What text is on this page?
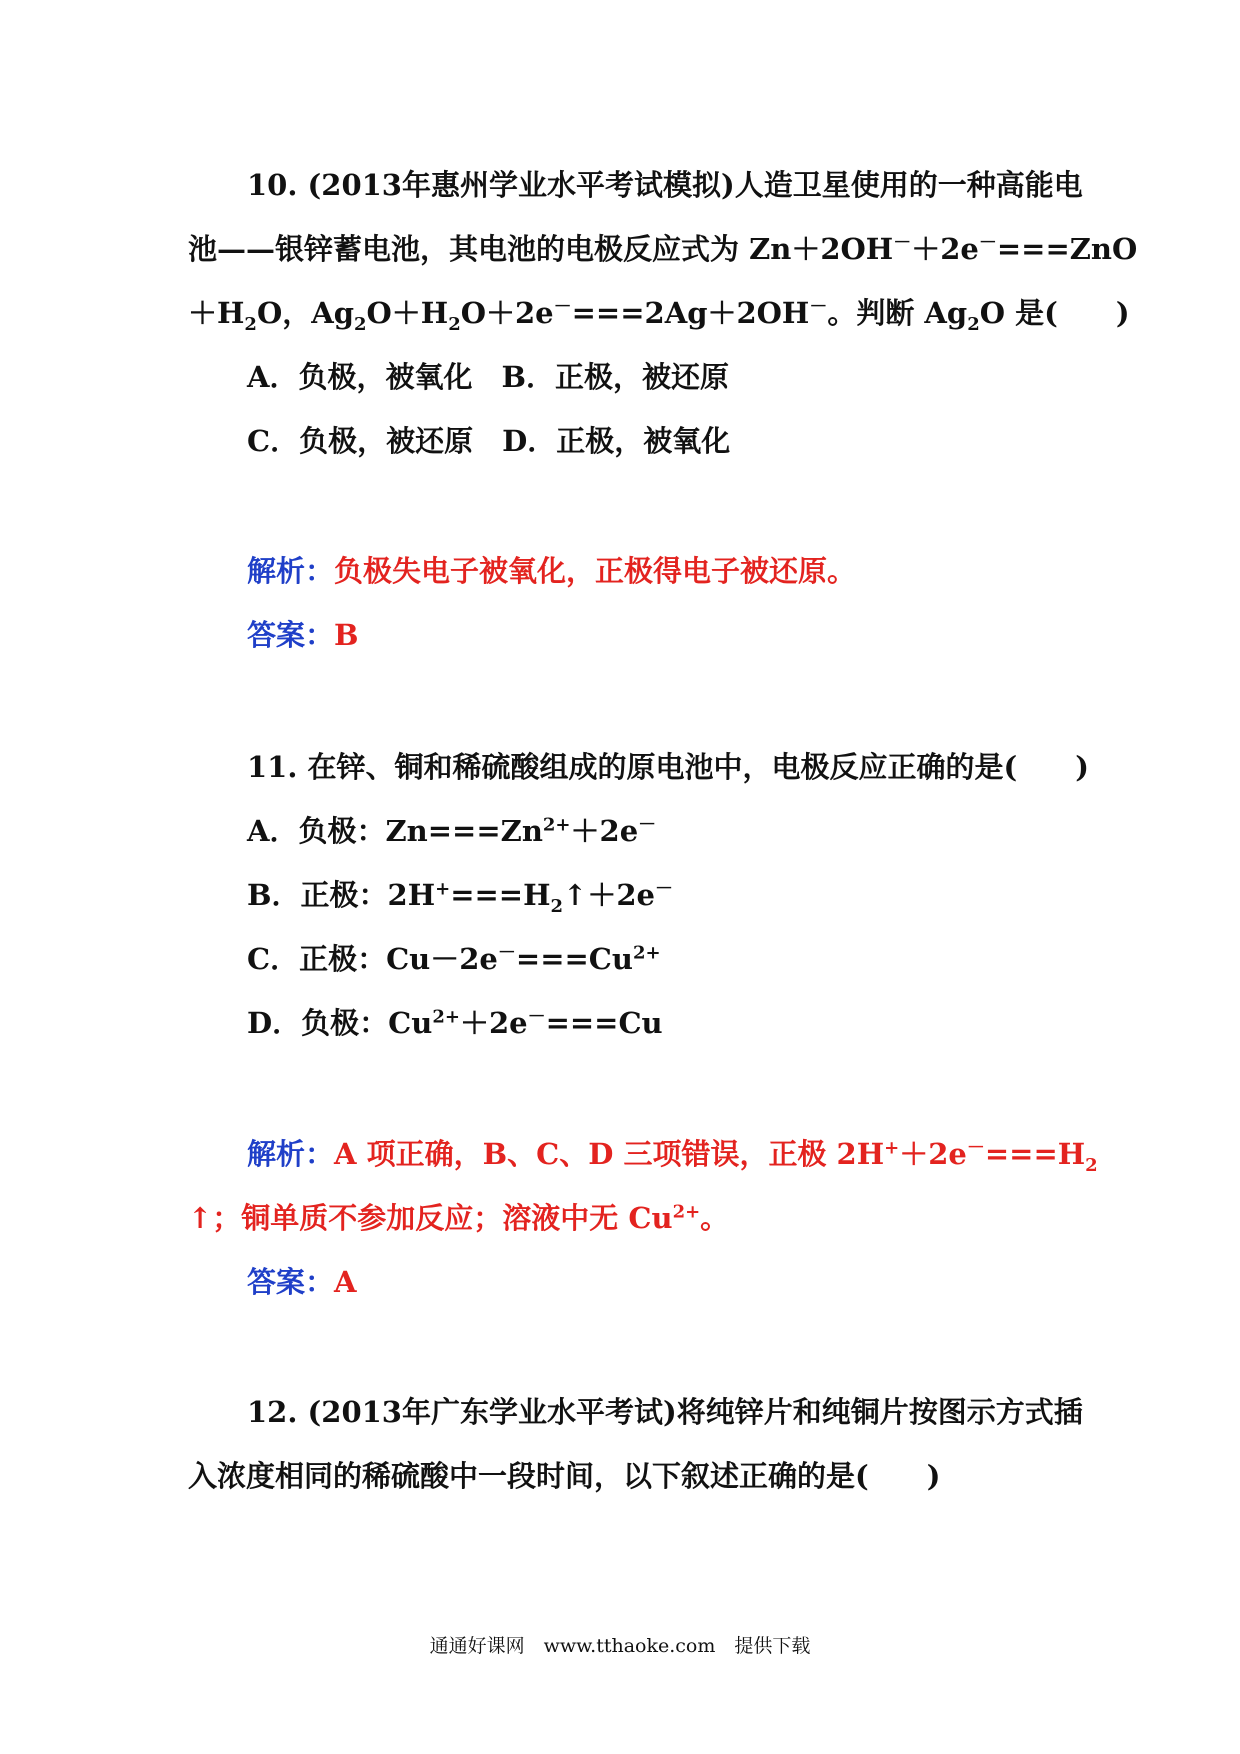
10. (2013年惠州学业水平考试模拟)人造卫星使用的一种高能电
池——银锌蓄电池，其电池的电极反应式为 Zn＋2OH－＋2e－===ZnO
$+H_2O$，$Ag_2O+H_2O+2e^-===2Ag+2OH^-$。判断 $Ag_2O$ 是(　　)
A．负极，被氧化　B．正极，被还原
C．负极，被还原　D．正极，被氧化
解析：负极失电子被氧化，正极得电子被还原。
答案：B
11. 在锌、铜和稀硫酸组成的原电池中，电极反应正确的是(　　)
A．负极：$Zn===Zn^{2+}+2e^-$
B．正极：$2H^+===H_2↑+2e^-$
C．正极：$Cu-2e^-===Cu^{2+}$
D．负极：$Cu^{2+}+2e^-===Cu$
解析：A 项正确，B、C、D 三项错误，正极 $2H^++2e^-===H_2$
↑；铜单质不参加反应；溶液中无 $Cu^{2+}$。
答案：A
12. (2013年广东学业水平考试)将纯锌片和纯铜片按图示方式插
入浓度相同的稀硫酸中一段时间，以下叙述正确的是(　　)
通通好课网　www.tthaoke.com　提供下载
